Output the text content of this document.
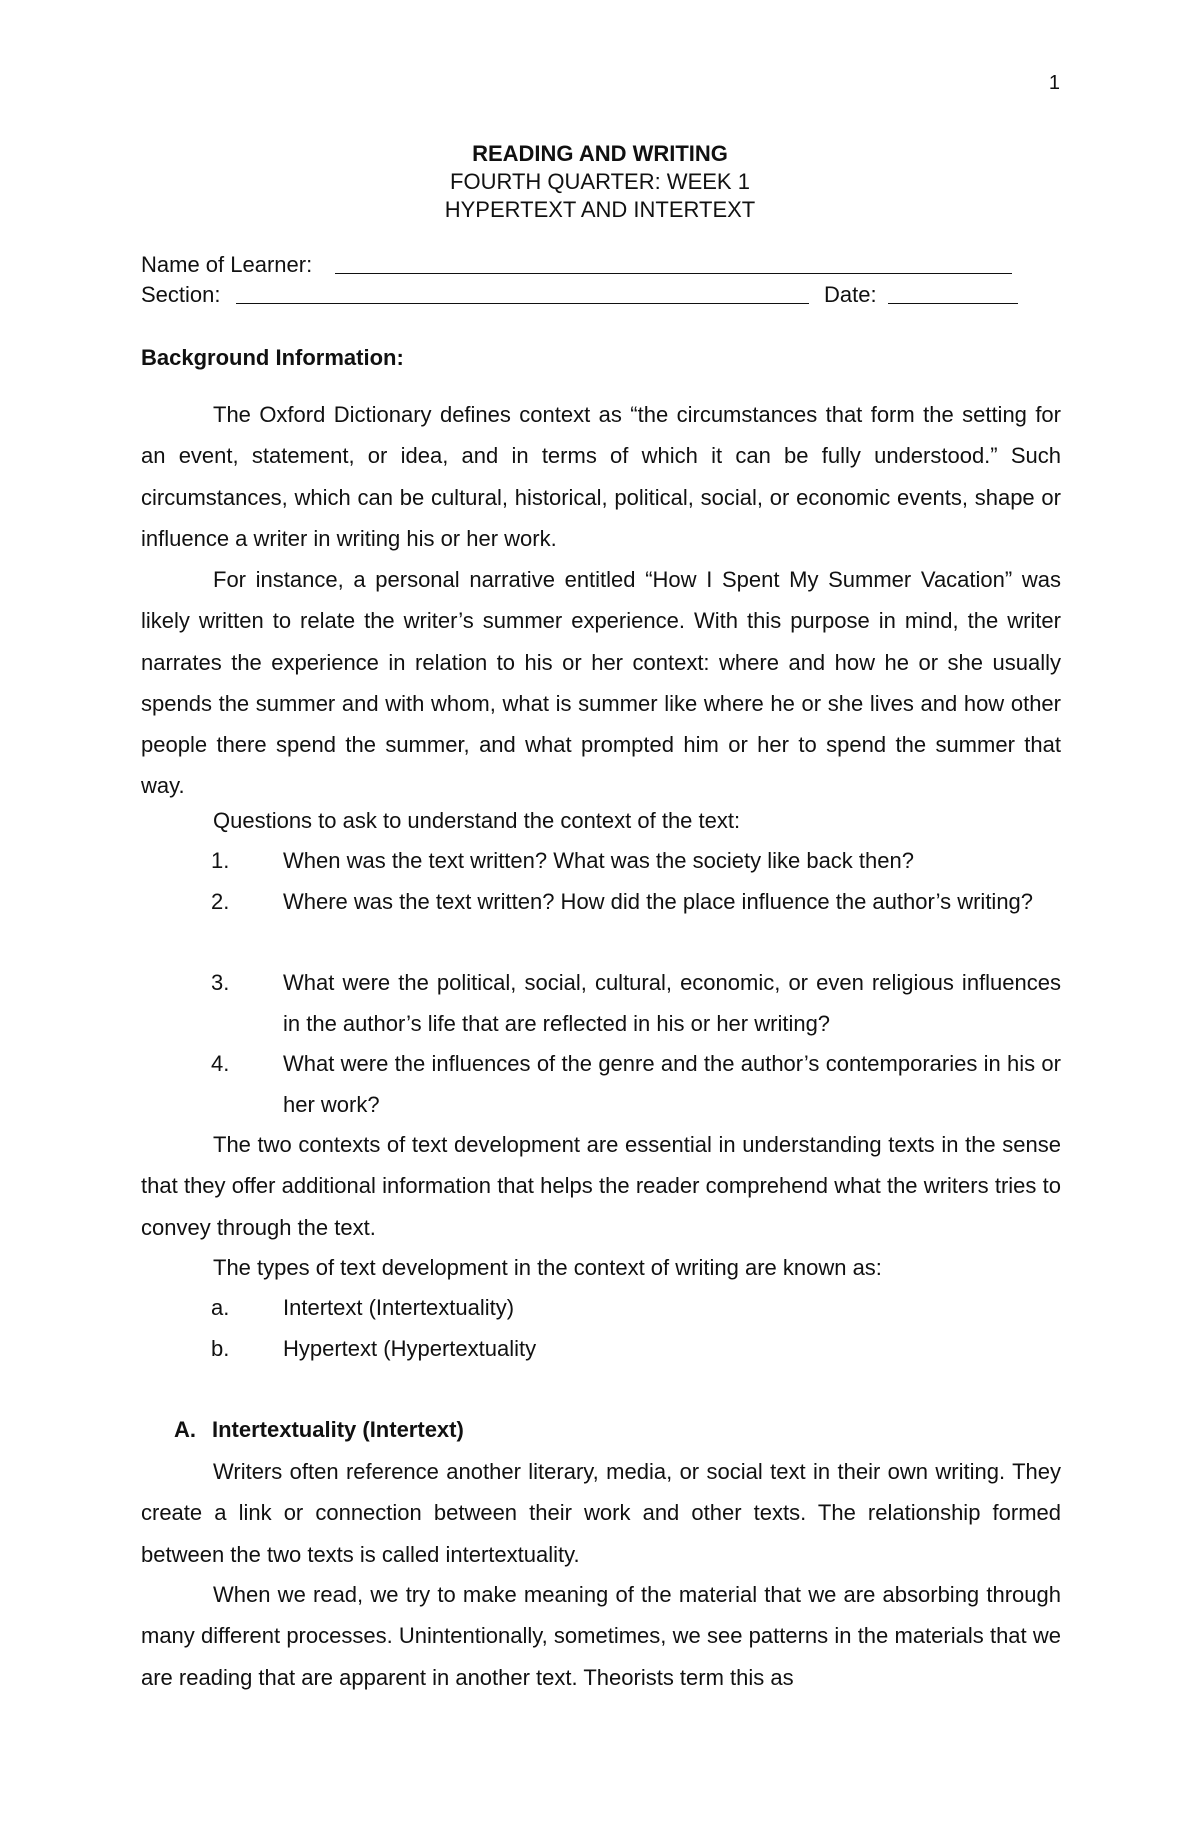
1
READING AND WRITING
FOURTH QUARTER: WEEK 1
HYPERTEXT AND INTERTEXT
Name of Learner:
Section:	Date:
Background Information:

The Oxford Dictionary defines context as “the circumstances that form the setting for an event, statement, or idea, and in terms of which it can be fully understood.” Such circumstances, which can be cultural, historical, political, social, or economic events, shape or influence a writer in writing his or her work.

For instance, a personal narrative entitled “How I Spent My Summer Vacation” was likely written to relate the writer’s summer experience. With this purpose in mind, the writer narrates the experience in relation to his or her context: where and how he or she usually spends the summer and with whom, what is summer like where he or she lives and how other people there spend the summer, and what prompted him or her to spend the summer that way.

Questions to ask to understand the context of the text:

1. When was the text written? What was the society like back then?
2. Where was the text written? How did the place influence the author’s writing?
3. What were the political, social, cultural, economic, or even religious influences in the author’s life that are reflected in his or her writing?
4. What were the influences of the genre and the author’s contemporaries in his or her work?

The two contexts of text development are essential in understanding texts in the sense that they offer additional information that helps the reader comprehend what the writers tries to convey through the text.

The types of text development in the context of writing are known as:

a. Intertext (Intertextuality)
b. Hypertext (Hypertextuality
A. Intertextuality (Intertext)

Writers often reference another literary, media, or social text in their own writing. They create a link or connection between their work and other texts. The relationship formed between the two texts is called intertextuality.

When we read, we try to make meaning of the material that we are absorbing through many different processes. Unintentionally, sometimes, we see patterns in the materials that we are reading that are apparent in another text. Theorists term this as
